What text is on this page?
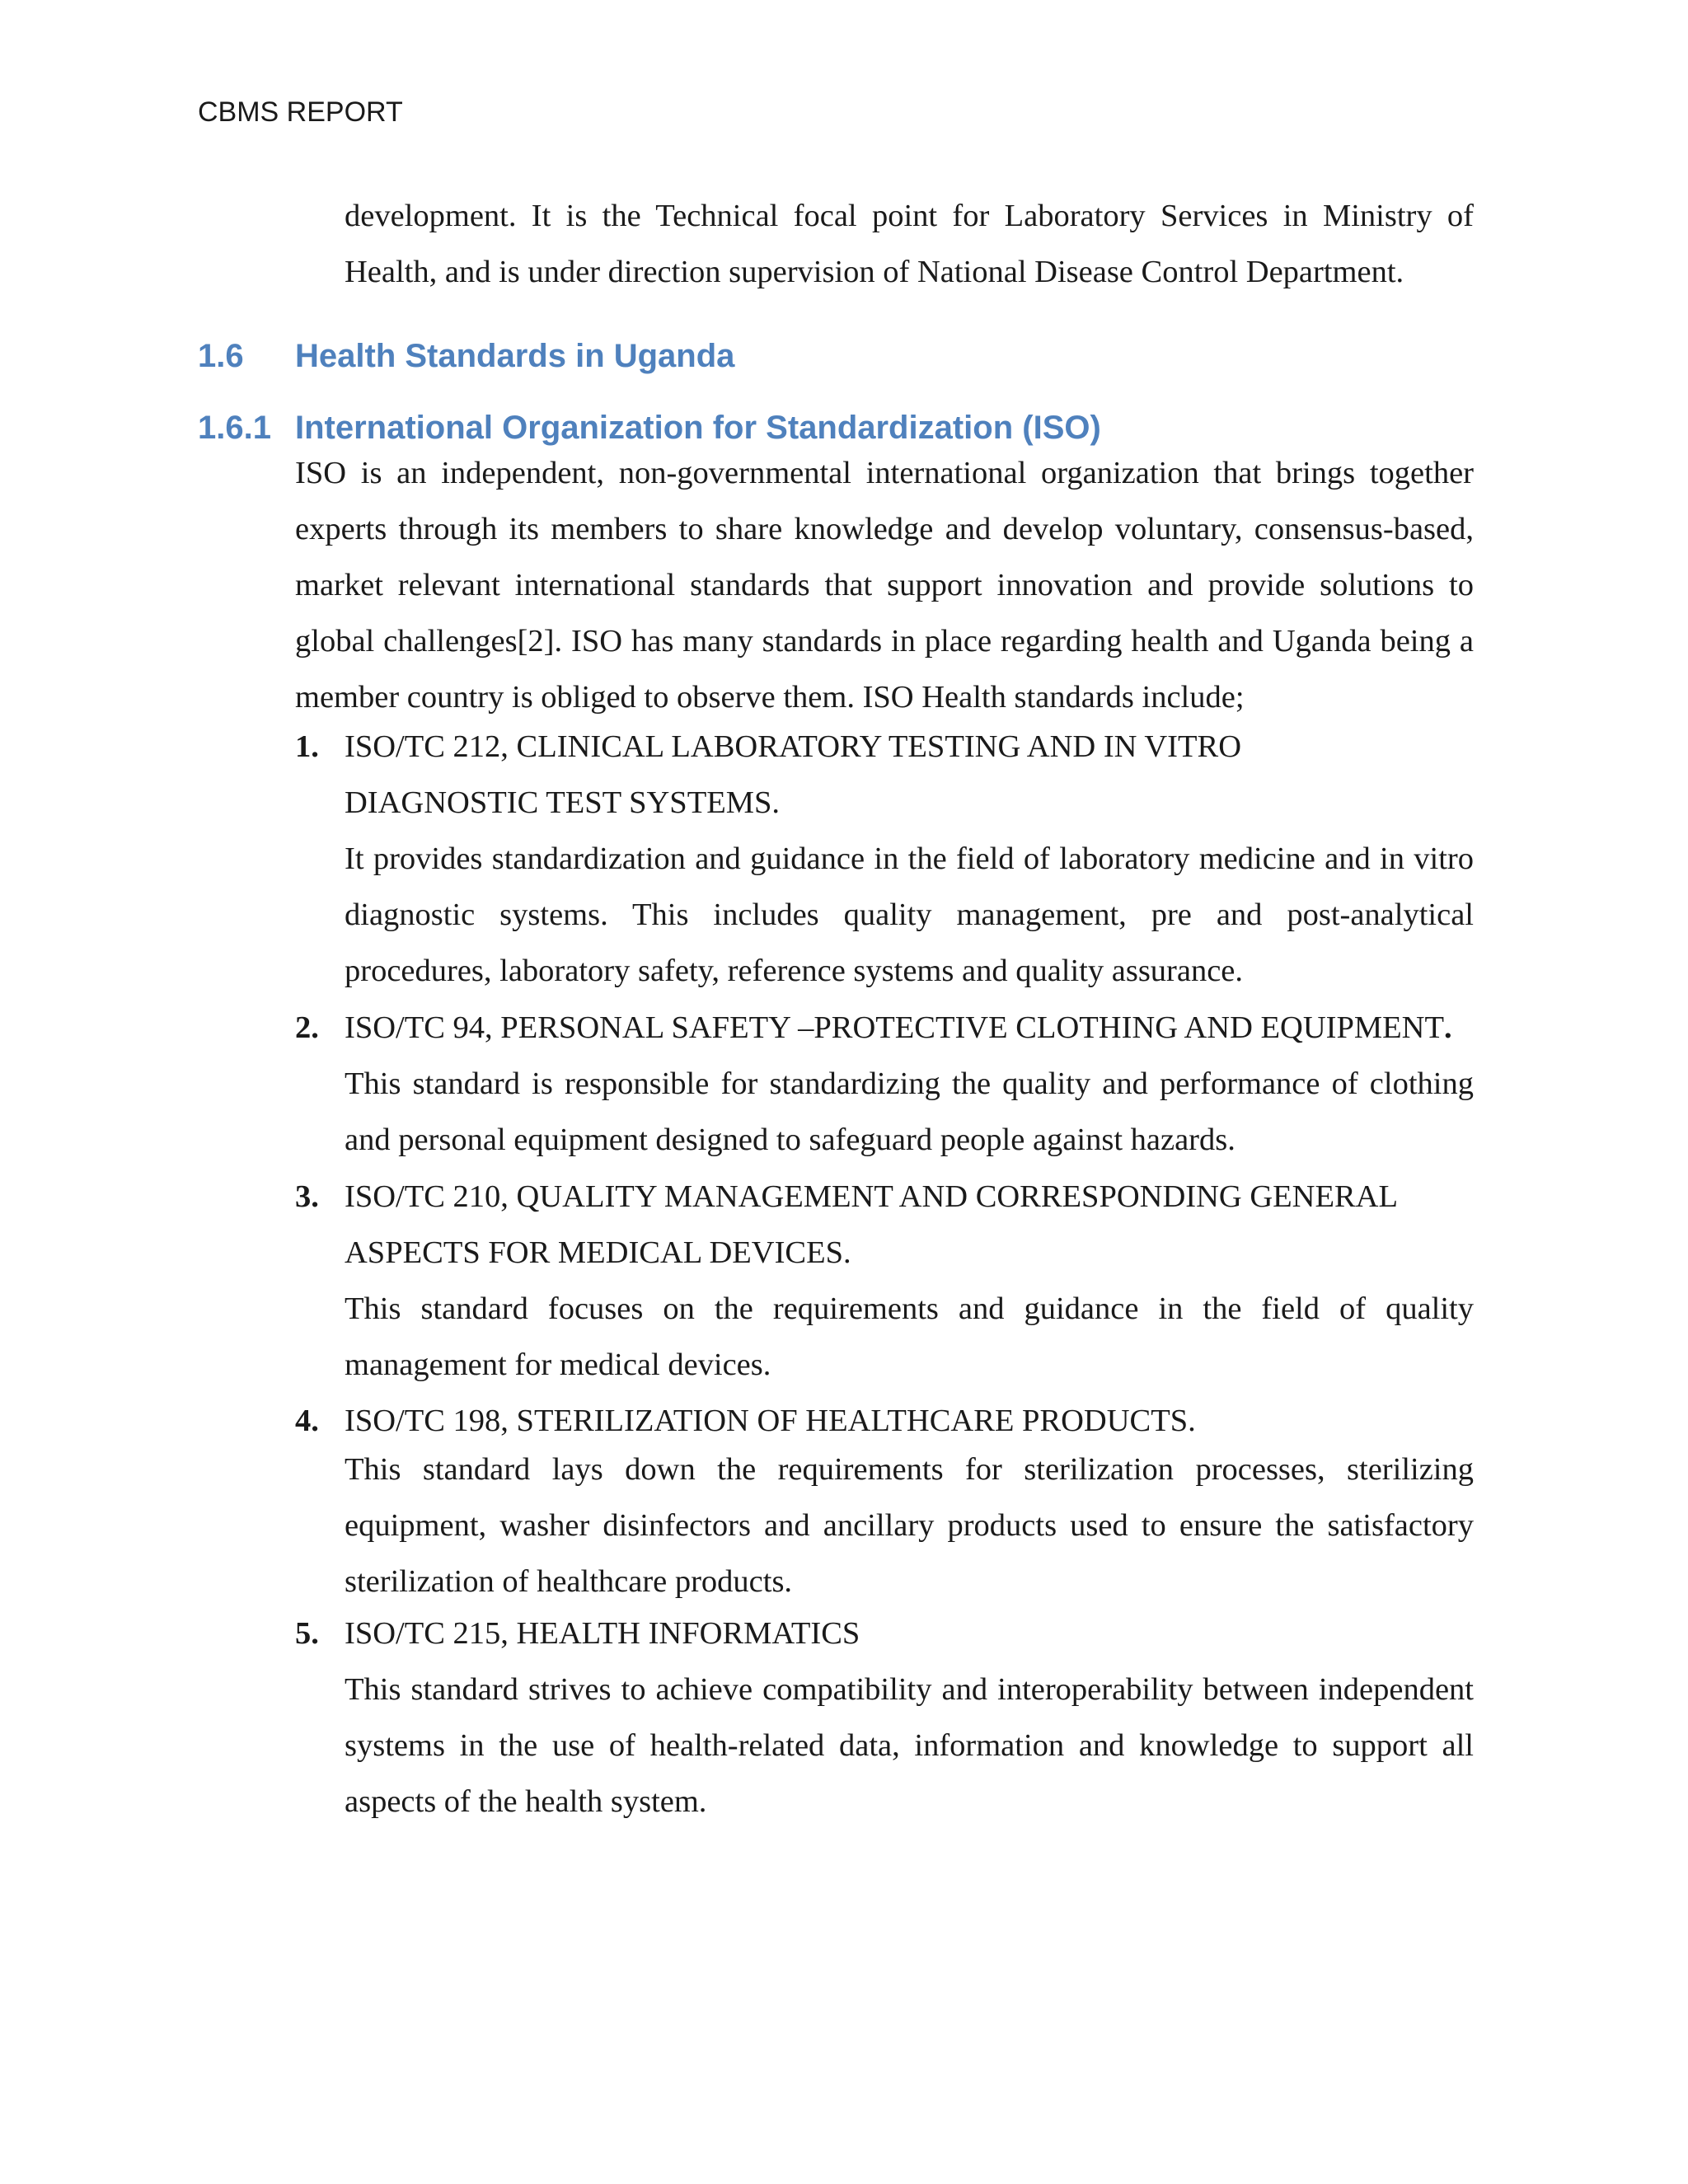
CBMS REPORT
development. It is the Technical focal point for Laboratory Services in Ministry of Health, and is under direction supervision of National Disease Control Department.
1.6 Health Standards in Uganda
1.6.1 International Organization for Standardization (ISO)
ISO is an independent, non-governmental international organization that brings together experts through its members to share knowledge and develop voluntary, consensus-based, market relevant international standards that support innovation and provide solutions to global challenges[2]. ISO has many standards in place regarding health and Uganda being a member country is obliged to observe them. ISO Health standards include;
1. ISO/TC 212, CLINICAL LABORATORY TESTING AND IN VITRO
DIAGNOSTIC TEST SYSTEMS.
It provides standardization and guidance in the field of laboratory medicine and in vitro diagnostic systems. This includes quality management, pre and post-analytical procedures, laboratory safety, reference systems and quality assurance.
2. ISO/TC 94, PERSONAL SAFETY –PROTECTIVE CLOTHING AND EQUIPMENT.
This standard is responsible for standardizing the quality and performance of clothing and personal equipment designed to safeguard people against hazards.
3. ISO/TC 210, QUALITY MANAGEMENT AND CORRESPONDING GENERAL
ASPECTS FOR MEDICAL DEVICES.
This standard focuses on the requirements and guidance in the field of quality management for medical devices.
4. ISO/TC 198, STERILIZATION OF HEALTHCARE PRODUCTS.
This standard lays down the requirements for sterilization processes, sterilizing equipment, washer disinfectors and ancillary products used to ensure the satisfactory sterilization of healthcare products.
5. ISO/TC 215, HEALTH INFORMATICS
This standard strives to achieve compatibility and interoperability between independent systems in the use of health-related data, information and knowledge to support all aspects of the health system.
